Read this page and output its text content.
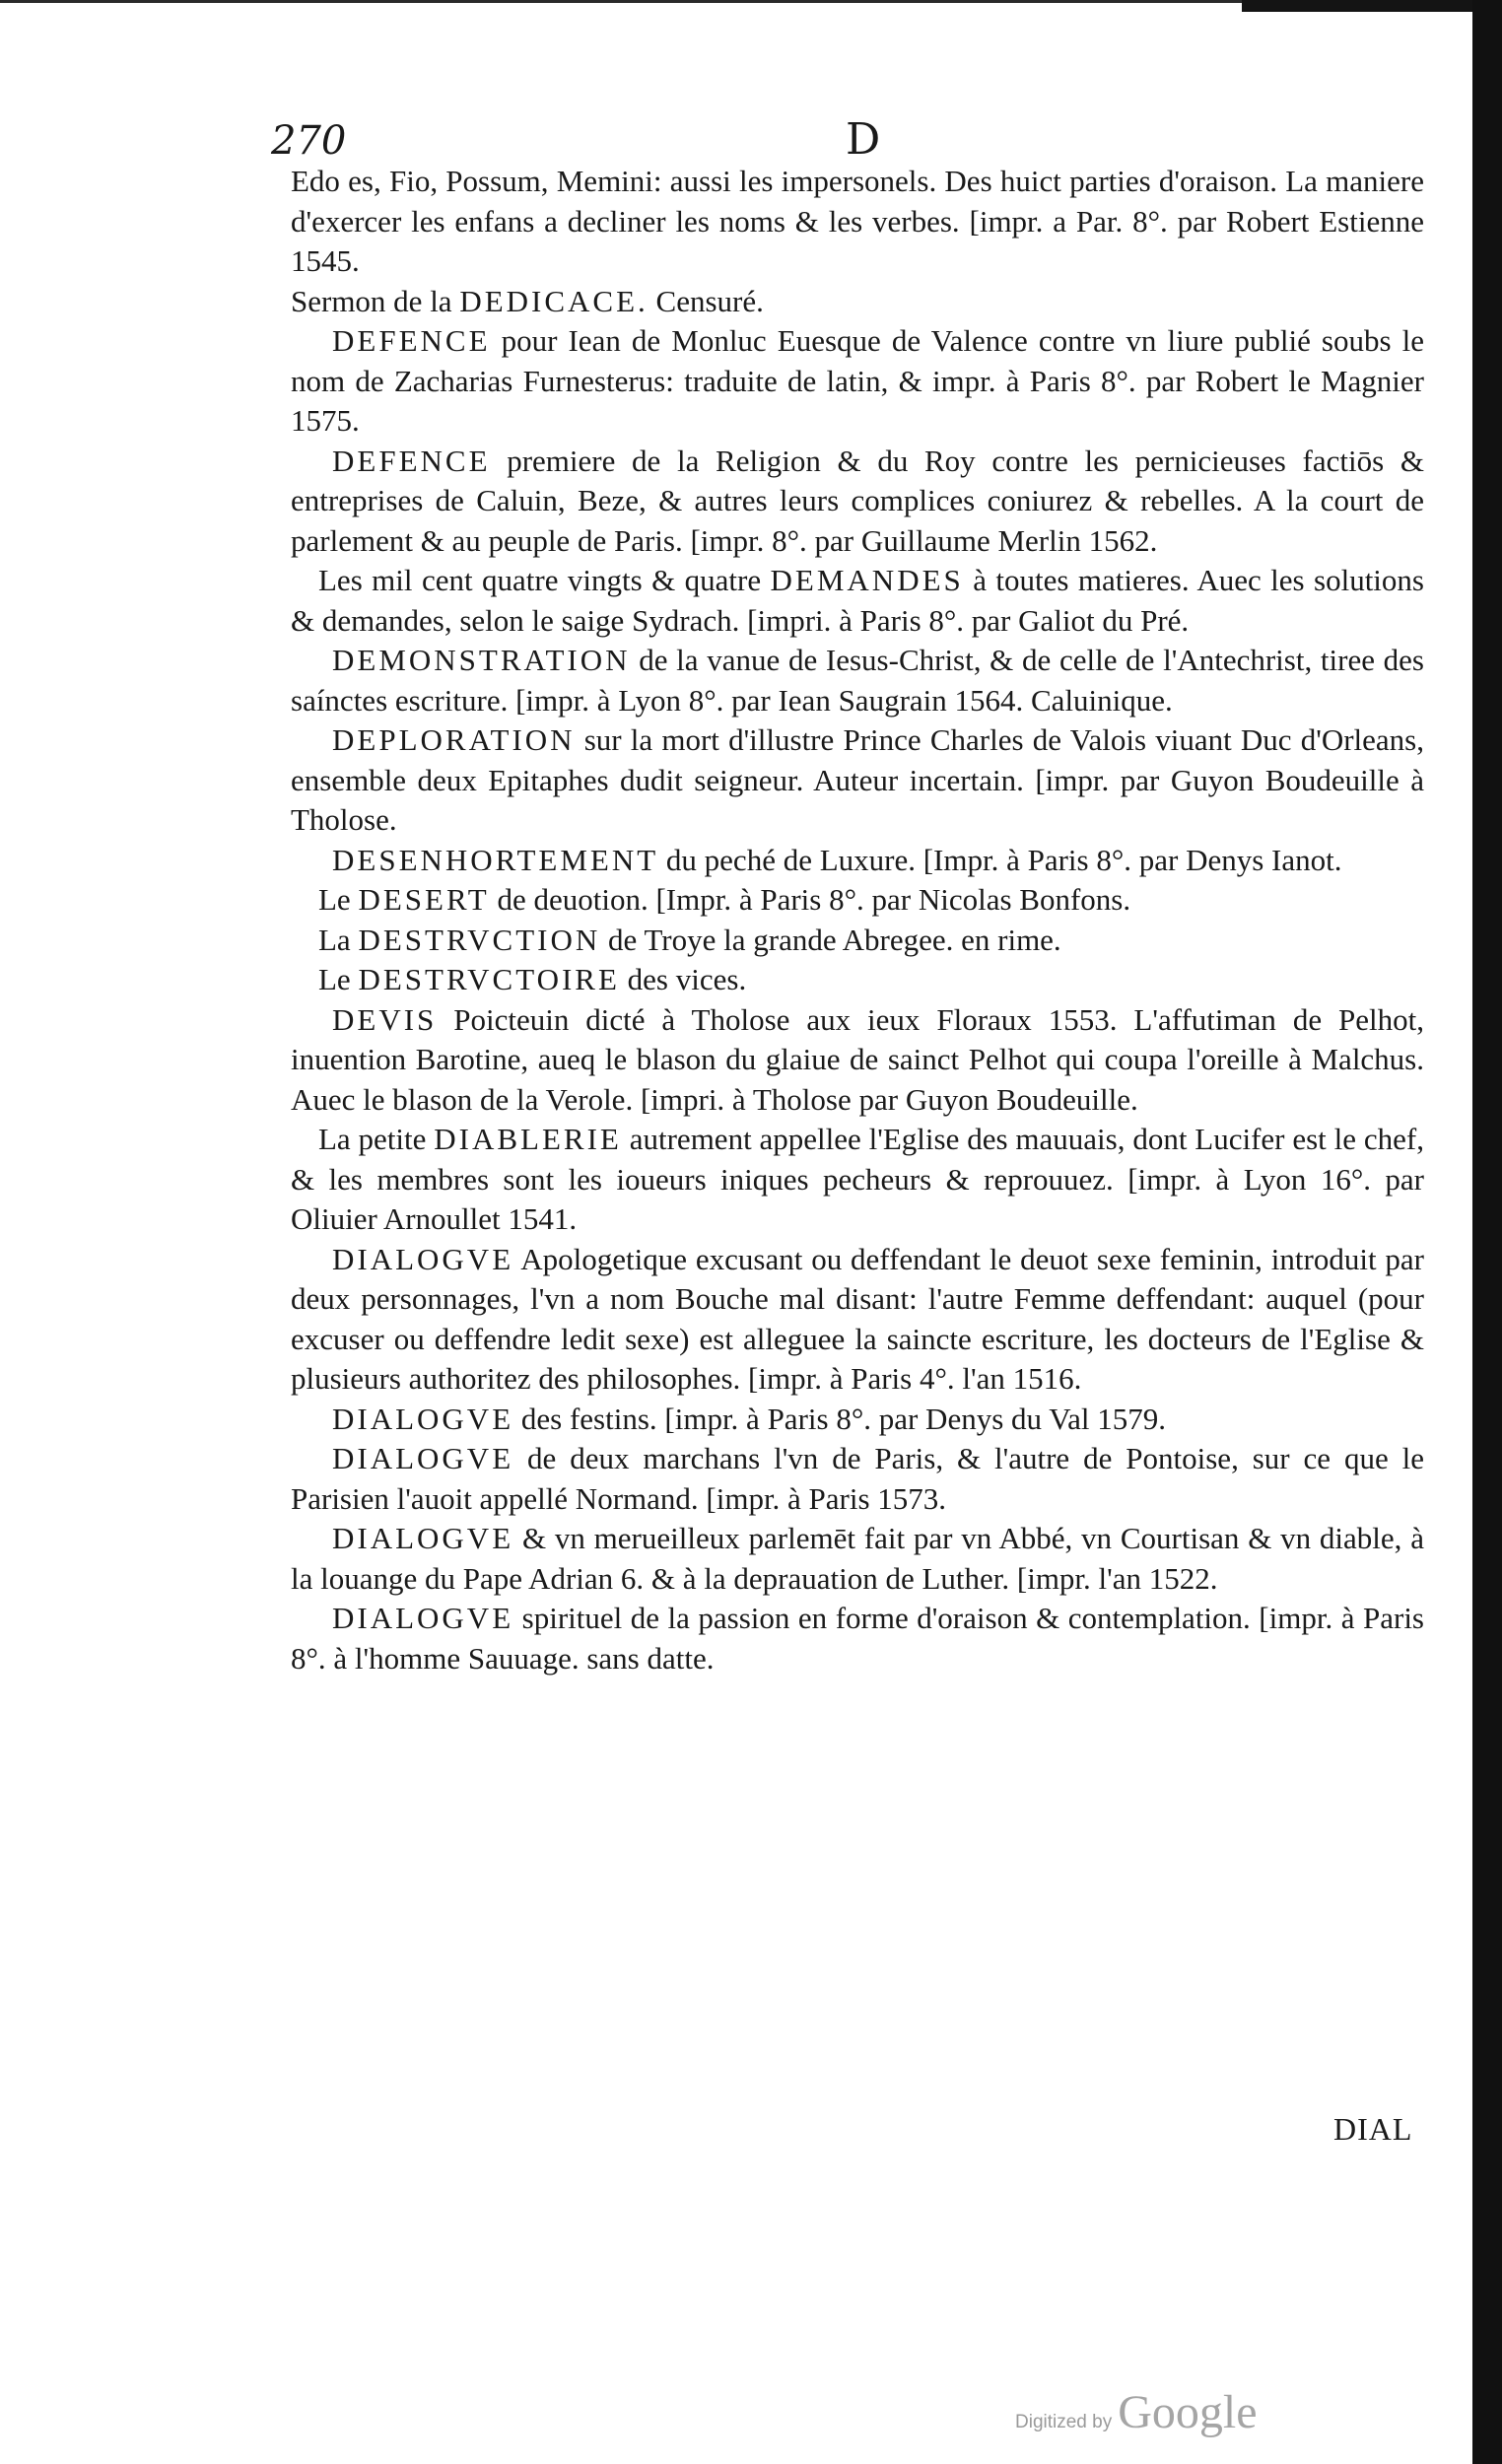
270	D

Edo es, Fio, Possum, Memini: aussi les impersonels. Des huict parties d'oraison. La maniere d'exercer les enfans a decliner les noms & les verbes. [impr. a Par. 8°. par Robert Estienne 1545.

Sermon de la DEDICACE. Censuré.

DEFENCE pour Iean de Monluc Euesque de Valence contre vn liure publié soubs le nom de Zacharias Furnesterus: traduite de latin, & impr. à Paris 8°. par Robert le Magnier 1575.

DEFENCE premiere de la Religion & du Roy contre les pernicieuses factiōs & entreprises de Caluin, Beze, & autres leurs complices coniurez & rebelles. A la court de parlement & au peuple de Paris. [impr. 8°. par Guillaume Merlin 1562.

Les mil cent quatre vingts & quatre DEMANDES à toutes matieres. Auec les solutions & demandes, selon le saige Sydrach. [impri. à Paris 8°. par Galiot du Pré.

DEMONSTRATION de la vanue de Iesus-Christ, & de celle de l'Antechrist, tiree des saínctes escriture. [impr. à Lyon 8°. par Iean Saugrain 1564. Caluinique.

DEPLORATION sur la mort d'illustre Prince Charles de Valois viuant Duc d'Orleans, ensemble deux Epitaphes dudit seigneur. Auteur incertain. [impr. par Guyon Boudeuille à Tholose.

DESENHORTEMENT du peché de Luxure. [Impr. à Paris 8°. par Denys Ianot.

Le DESERT de deuotion. [Impr. à Paris 8°. par Nicolas Bonfons.

La DESTRVCTION de Troye la grande Abregee. en rime.

Le DESTRVCTOIRE des vices.

DEVIS Poicteuin dicté à Tholose aux ieux Floraux 1553. L'affutiman de Pelhot, inuention Barotine, aueq le blason du glaiue de sainct Pelhot qui coupa l'oreille à Malchus. Auec le blason de la Verole. [impri. à Tholose par Guyon Boudeuille.

La petite DIABLERIE autrement appellee l'Eglise des mauuais, dont Lucifer est le chef, & les membres sont les ioueurs iniques pecheurs & reprouuez. [impr. à Lyon 16°. par Oliuier Arnoullet 1541.

DIALOGVE Apologetique excusant ou deffendant le deuot sexe feminin, introduit par deux personnages, l'vn a nom Bouche mal disant: l'autre Femme deffendant: auquel (pour excuser ou deffendre ledit sexe) est alleguee la saincte escriture, les docteurs de l'Eglise & plusieurs authoritez des philosophes. [impr. à Paris 4°. l'an 1516.

DIALOGVE des festins. [impr. à Paris 8°. par Denys du Val 1579.

DIALOGVE de deux marchans l'vn de Paris, & l'autre de Pontoise, sur ce que le Parisien l'auoit appellé Normand. [impr. à Paris 1573.

DIALOGVE & vn merueilleux parlemēt fait par vn Abbé, vn Courtisan & vn diable, à la louange du Pape Adrian 6. & à la deprauation de Luther. [impr. l'an 1522.

DIALOGVE spirituel de la passion en forme d'oraison & contemplation. [impr. à Paris 8°. à l'homme Sauuage. sans datte.

DIAL
Digitized by Google
